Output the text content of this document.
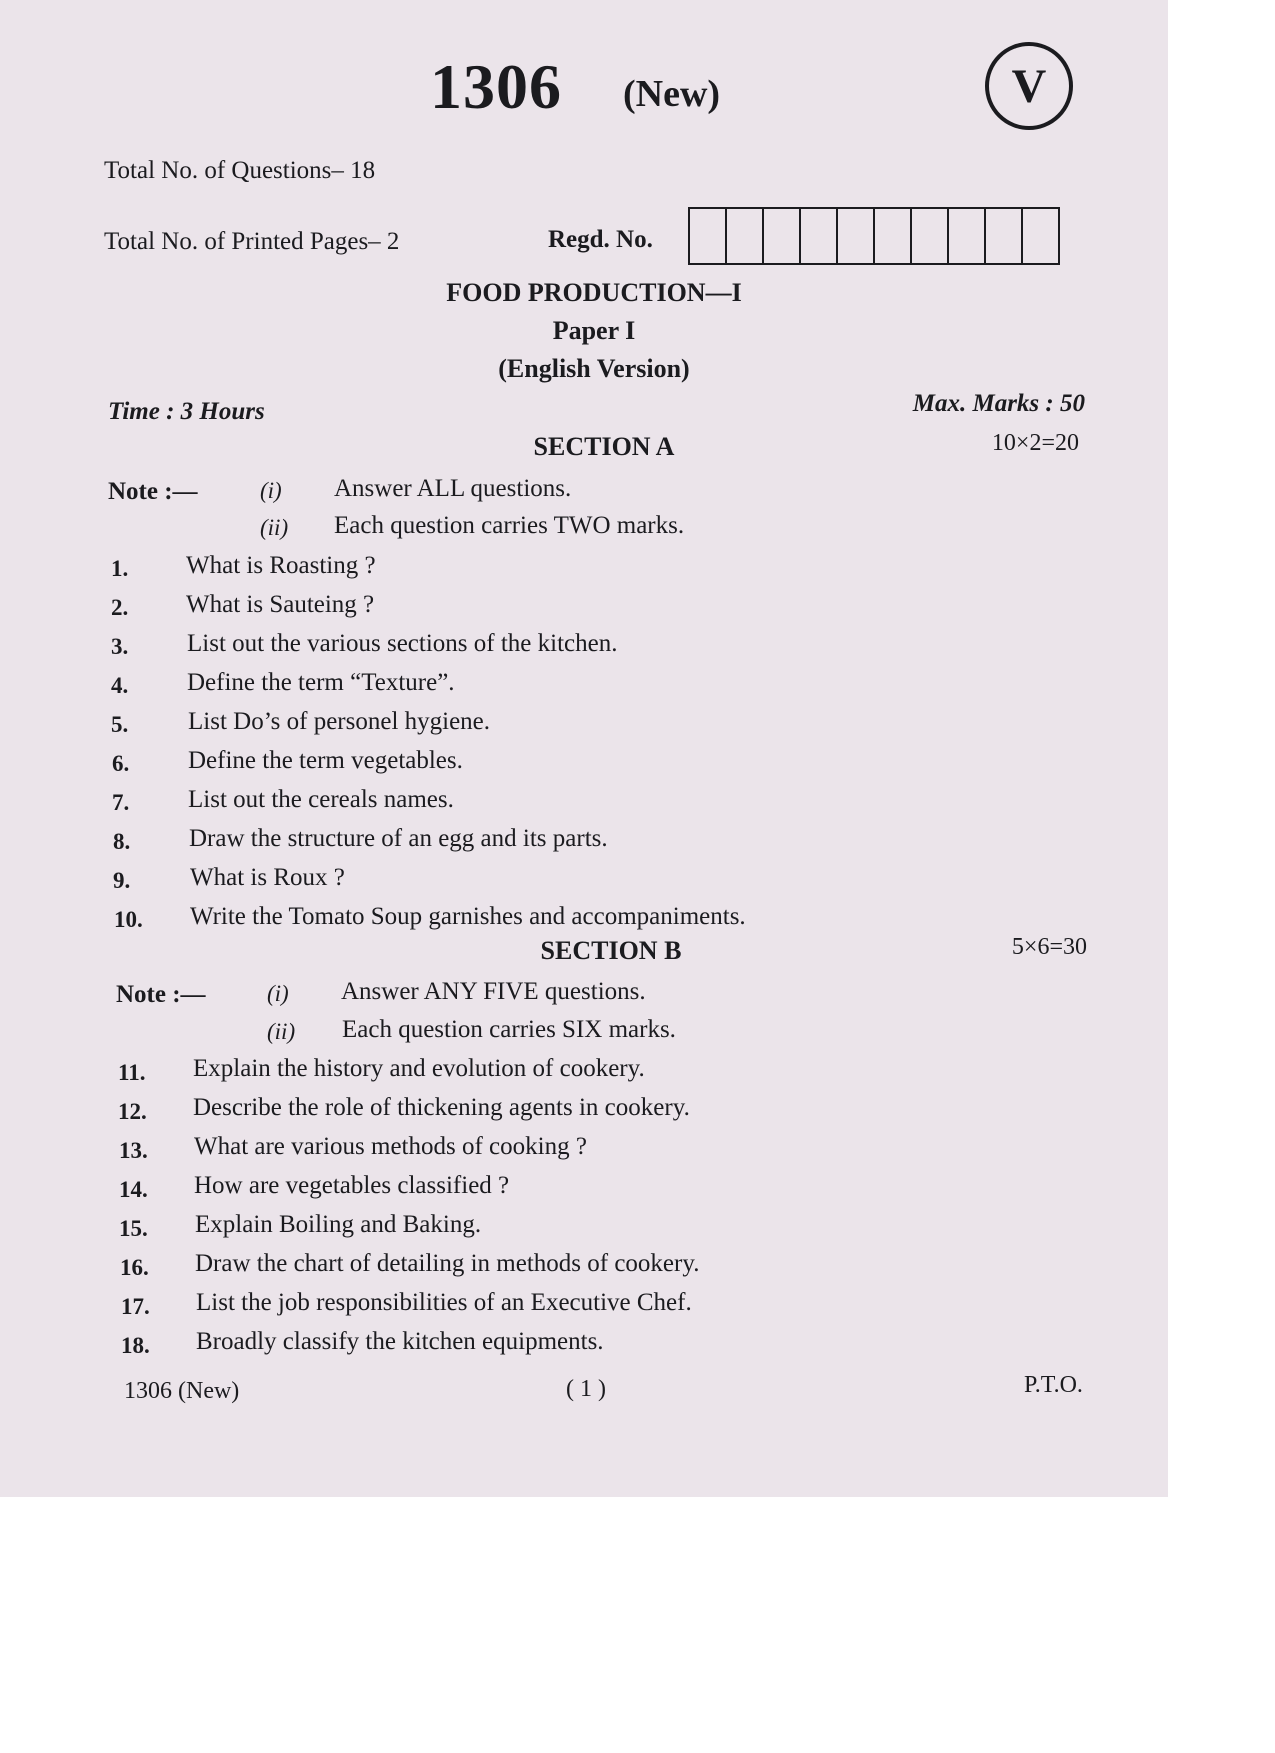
1306 (New)	V
Total No. of Questions– 18
Total No. of Printed Pages– 2	Regd. No.
FOOD PRODUCTION—I
Paper I
(English Version)
Time : 3 Hours	Max. Marks : 50
SECTION A	10×2=20
Note :—	(i) Answer ALL questions.
(ii) Each question carries TWO marks.
1. What is Roasting ?
2. What is Sauteing ?
3. List out the various sections of the kitchen.
4. Define the term “Texture”.
5. List Do’s of personel hygiene.
6. Define the term vegetables.
7. List out the cereals names.
8. Draw the structure of an egg and its parts.
9. What is Roux ?
10. Write the Tomato Soup garnishes and accompaniments.
SECTION B	5×6=30
Note :—	(i) Answer ANY FIVE questions.
(ii) Each question carries SIX marks.
11. Explain the history and evolution of cookery.
12. Describe the role of thickening agents in cookery.
13. What are various methods of cooking ?
14. How are vegetables classified ?
15. Explain Boiling and Baking.
16. Draw the chart of detailing in methods of cookery.
17. List the job responsibilities of an Executive Chef.
18. Broadly classify the kitchen equipments.
1306 (New)	( 1 )	P.T.O.
